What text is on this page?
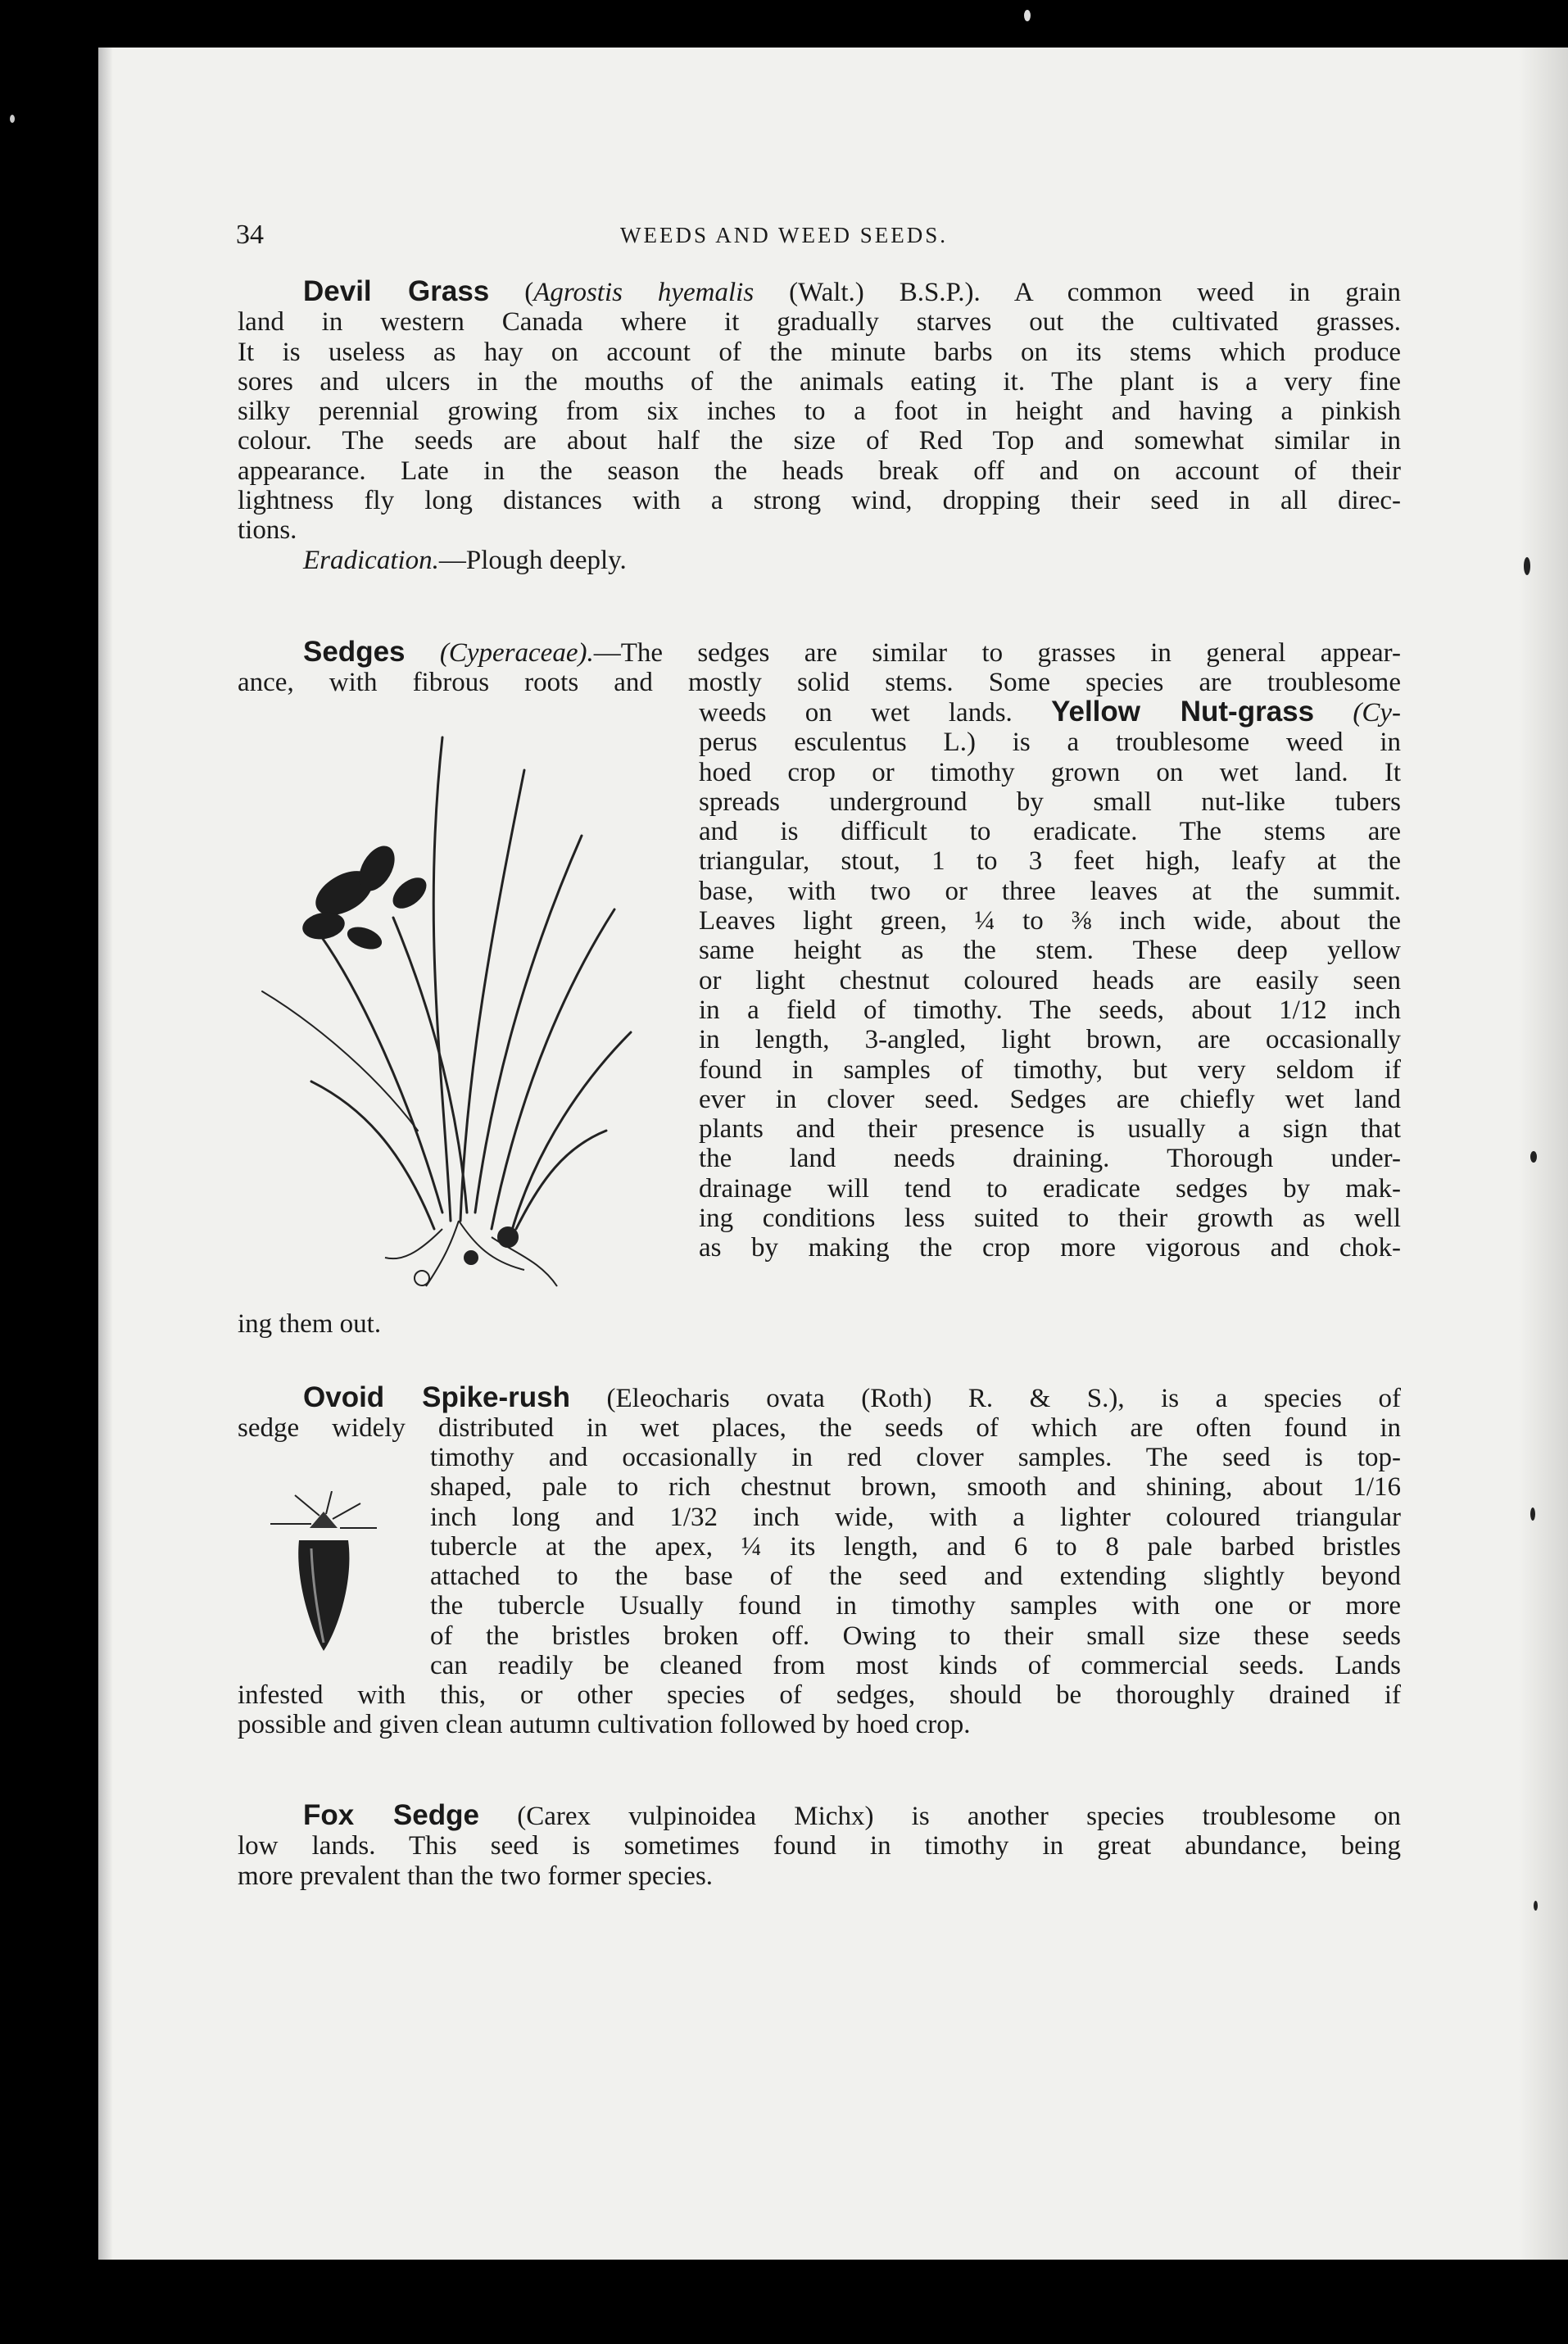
34	WEEDS AND WEED SEEDS.
Devil Grass (Agrostis hyemalis (Walt.) B.S.P.). A common weed in grain
land in western Canada where it gradually starves out the cultivated grasses.
It is useless as hay on account of the minute barbs on its stems which produce
sores and ulcers in the mouths of the animals eating it. The plant is a very fine
silky perennial growing from six inches to a foot in height and having a pinkish
colour. The seeds are about half the size of Red Top and somewhat similar in
appearance. Late in the season the heads break off and on account of their
lightness fly long distances with a strong wind, dropping their seed in all direc-
tions.
Eradication.—Plough deeply.
Sedges (Cyperaceae).—The sedges are similar to grasses in general appear-
ance, with fibrous roots and mostly solid stems. Some species are troublesome
weeds on wet lands. Yellow Nut-grass (Cy-
perus esculentus L.) is a troublesome weed in
hoed crop or timothy grown on wet land. It
spreads underground by small nut-like tubers
and is difficult to eradicate. The stems are
triangular, stout, 1 to 3 feet high, leafy at the
base, with two or three leaves at the summit.
Leaves light green, ¼ to ⅜ inch wide, about the
same height as the stem. These deep yellow
or light chestnut coloured heads are easily seen
in a field of timothy. The seeds, about 1/12 inch
in length, 3-angled, light brown, are occasionally
found in samples of timothy, but very seldom if
ever in clover seed. Sedges are chiefly wet land
plants and their presence is usually a sign that
the land needs draining. Thorough under-
drainage will tend to eradicate sedges by mak-
ing conditions less suited to their growth as well
as by making the crop more vigorous and chok-
ing them out.
Ovoid Spike-rush (Eleocharis ovata (Roth) R. & S.), is a species of
sedge widely distributed in wet places, the seeds of which are often found in
timothy and occasionally in red clover samples. The seed is top-
shaped, pale to rich chestnut brown, smooth and shining, about 1/16
inch long and 1/32 inch wide, with a lighter coloured triangular
tubercle at the apex, ¼ its length, and 6 to 8 pale barbed bristles
attached to the base of the seed and extending slightly beyond
the tubercle Usually found in timothy samples with one or more
of the bristles broken off. Owing to their small size these seeds
can readily be cleaned from most kinds of commercial seeds. Lands
infested with this, or other species of sedges, should be thoroughly drained if
possible and given clean autumn cultivation followed by hoed crop.
Fox Sedge (Carex vulpinoidea Michx) is another species troublesome on
low lands. This seed is sometimes found in timothy in great abundance, being
more prevalent than the two former species.
